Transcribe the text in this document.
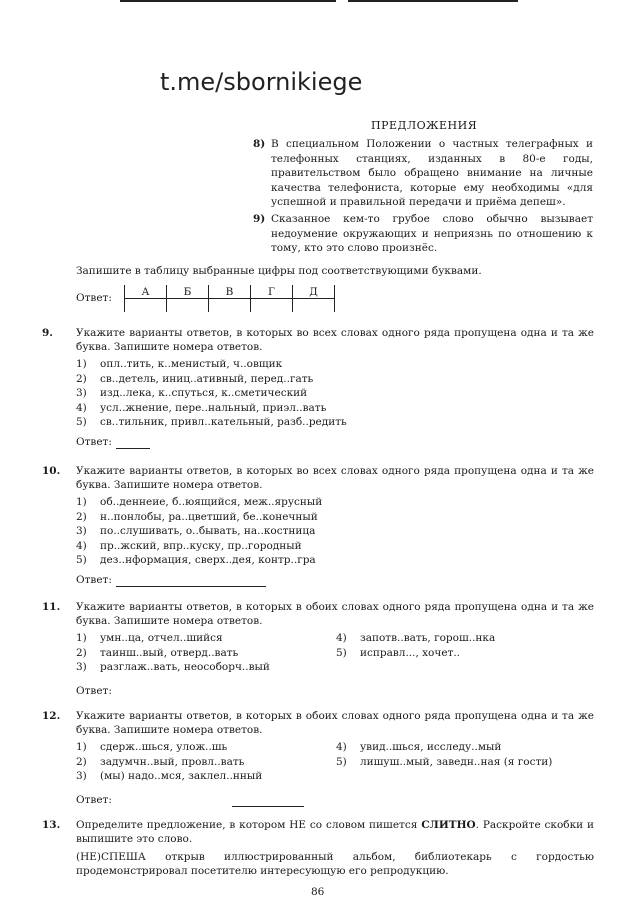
t.me/sbornikiege
ПРЕДЛОЖЕНИЯ
8) В специальном Положении о частных телеграфных и телефонных станциях, изданных в 80-е годы, правительством было обращено внимание на личные качества телефониста, которые ему необходимы «для успешной и правильной передачи и приёма депеш».
9) Сказанное кем-то грубое слово обычно вызывает недоумение окружающих и неприязнь по отношению к тому, кто это слово произнёс.
Запишите в таблицу выбранные цифры под соответствующими буквами.
Ответ:
А	Б	В	Г	Д

9. Укажите варианты ответов, в которых во всех словах одного ряда пропущена одна и та же буква. Запишите номера ответов.
1)	опл..тить, к..менистый, ч..овщик
2)	св..детель, иниц..ативный, перед..гать
3)	изд..лека, к..спуться, к..сметический
4)	усл..жнение, пере..нальный, приэл..вать
5)	св..тильник, привл..кательный, разб..редить
Ответ:
10. Укажите варианты ответов, в которых во всех словах одного ряда пропущена одна и та же буква. Запишите номера ответов.
1)	об..деннеие, б..юящийся, меж..ярусный
2)	н..понлобы, ра..цветший, бе..конечный
3)	по..слушивать, о..бывать, на..костница
4)	пр..жский, впр..куску, пр..городный
5)	дез..нформация, сверх..дея, контр..гра
Ответ:
11. Укажите варианты ответов, в которых в обоих словах одного ряда пропущена одна и та же буква. Запишите номера ответов.
1)	умн..ца, отчел..шийся	4)	запотв..вать, горош..нка
2)	таинш..вый, отверд..вать	5)	исправл..., хочет..
3)	разглаж..вать, неособорч..вый
Ответ:
12. Укажите варианты ответов, в которых в обоих словах одного ряда пропущена одна и та же буква. Запишите номера ответов.
1)	сдерж..шься, улож..шь	4)	увид..шься, исследу..мый
2)	задумчн..вый, провл..вать	5)	лишуш..мый, заведн..ная (я гости)
3)	(мы) надо..мся, заклел..нный
Ответ:
13. Определите предложение, в котором НЕ со словом пишется СЛИТНО. Раскройте скобки и выпишите это слово.
(НЕ)СПЕША открыв иллюстрированный альбом, библиотекарь с гордостью продемонстрировал посетителю интересующую его репродукцию.
86
